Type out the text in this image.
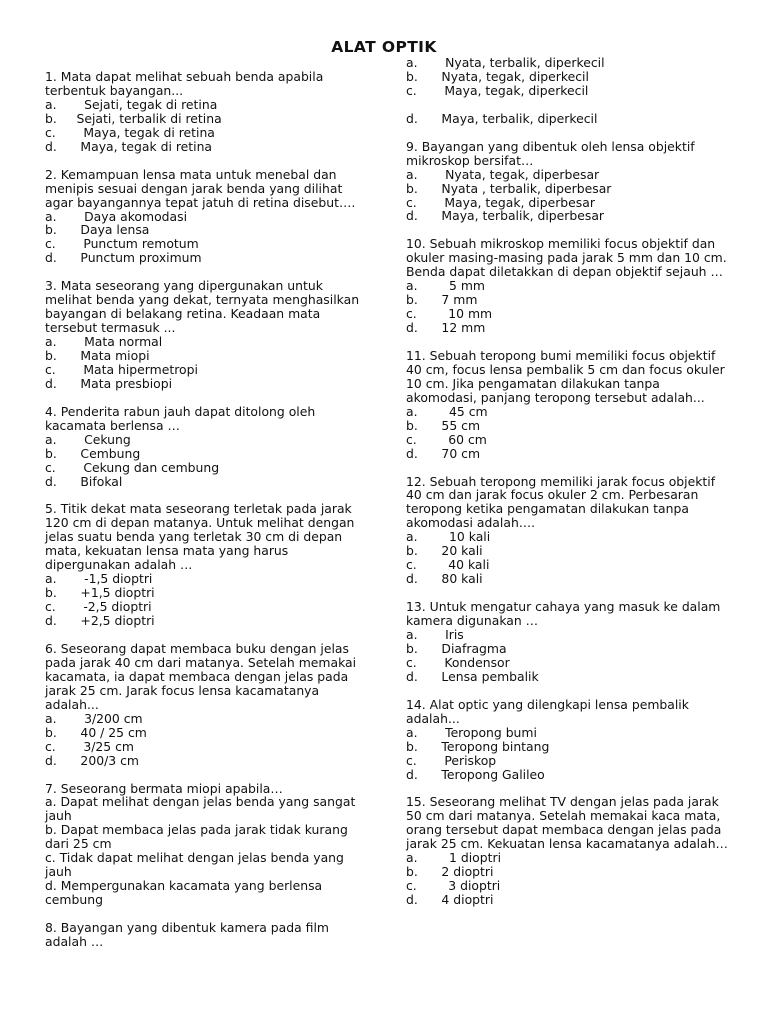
ALAT OPTIK

1. Mata dapat melihat sebuah benda apabila terbentuk bayangan...

a.       Sejati, tegak di retina

b.     Sejati, terbalik di retina

c.       Maya, tegak di retina

d.      Maya, tegak di retina

2. Kemampuan lensa mata untuk menebal dan menipis sesuai dengan jarak benda yang dilihat agar bayangannya tepat jatuh di retina disebut….

a.       Daya akomodasi

b.      Daya lensa

c.       Punctum remotum

d.      Punctum proximum

3. Mata seseorang yang dipergunakan untuk melihat benda yang dekat, ternyata menghasilkan bayangan di belakang retina. Keadaan mata tersebut termasuk ...

a.       Mata normal

b.      Mata miopi

c.       Mata hipermetropi

d.      Mata presbiopi

4. Penderita rabun jauh dapat ditolong oleh kacamata berlensa …

a.       Cekung

b.      Cembung

c.       Cekung dan cembung

d.      Bifokal

5. Titik dekat mata seseorang terletak pada jarak 120 cm di depan matanya. Untuk melihat dengan jelas suatu benda yang terletak 30 cm di depan mata, kekuatan lensa mata yang harus dipergunakan adalah …

a.       -1,5 dioptri

b.      +1,5 dioptri

c.       -2,5 dioptri

d.      +2,5 dioptri

6. Seseorang dapat membaca buku dengan jelas pada jarak 40 cm dari matanya. Setelah memakai kacamata, ia dapat membaca dengan jelas pada jarak 25 cm. Jarak focus lensa kacamatanya adalah...

a.       3/200 cm

b.      40 / 25 cm

c.       3/25 cm

d.      200/3 cm

7. Seseorang bermata miopi apabila…

a. Dapat melihat dengan jelas benda yang sangat jauh

b. Dapat membaca jelas pada jarak tidak kurang dari 25 cm

c. Tidak dapat melihat dengan jelas benda yang jauh

d. Mempergunakan kacamata yang berlensa cembung

8. Bayangan yang dibentuk kamera pada film adalah …

a.       Nyata, terbalik, diperkecil

b.      Nyata, tegak, diperkecil

c.       Maya, tegak, diperkecil

d.      Maya, terbalik, diperkecil

9. Bayangan yang dibentuk oleh lensa objektif mikroskop bersifat…

a.       Nyata, tegak, diperbesar

b.      Nyata , terbalik, diperbesar

c.       Maya, tegak, diperbesar

d.      Maya, terbalik, diperbesar

10. Sebuah mikroskop memiliki focus objektif dan okuler masing-masing pada jarak 5 mm dan 10 cm. Benda dapat diletakkan di depan objektif sejauh …

a.        5 mm

b.      7 mm

c.        10 mm

d.      12 mm

11. Sebuah teropong bumi memiliki focus objektif 40 cm, focus lensa pembalik 5 cm dan focus okuler 10 cm. Jika pengamatan dilakukan tanpa akomodasi, panjang teropong tersebut adalah...

a.        45 cm

b.      55 cm

c.        60 cm

d.      70 cm

12. Sebuah teropong memiliki jarak focus objektif 40 cm dan jarak focus okuler 2 cm. Perbesaran teropong ketika pengamatan dilakukan tanpa akomodasi adalah….

a.        10 kali

b.      20 kali

c.        40 kali

d.      80 kali

13. Untuk mengatur cahaya yang masuk ke dalam kamera digunakan …

a.       Iris

b.      Diafragma

c.       Kondensor

d.      Lensa pembalik

14. Alat optic yang dilengkapi lensa pembalik adalah...

a.       Teropong bumi

b.      Teropong bintang

c.       Periskop

d.      Teropong Galileo

15. Seseorang melihat TV dengan jelas pada jarak 50 cm dari matanya. Setelah memakai kaca mata, orang tersebut dapat membaca dengan jelas pada jarak 25 cm. Kekuatan lensa kacamatanya adalah…

a.        1 dioptri

b.      2 dioptri

c.        3 dioptri

d.      4 dioptri
